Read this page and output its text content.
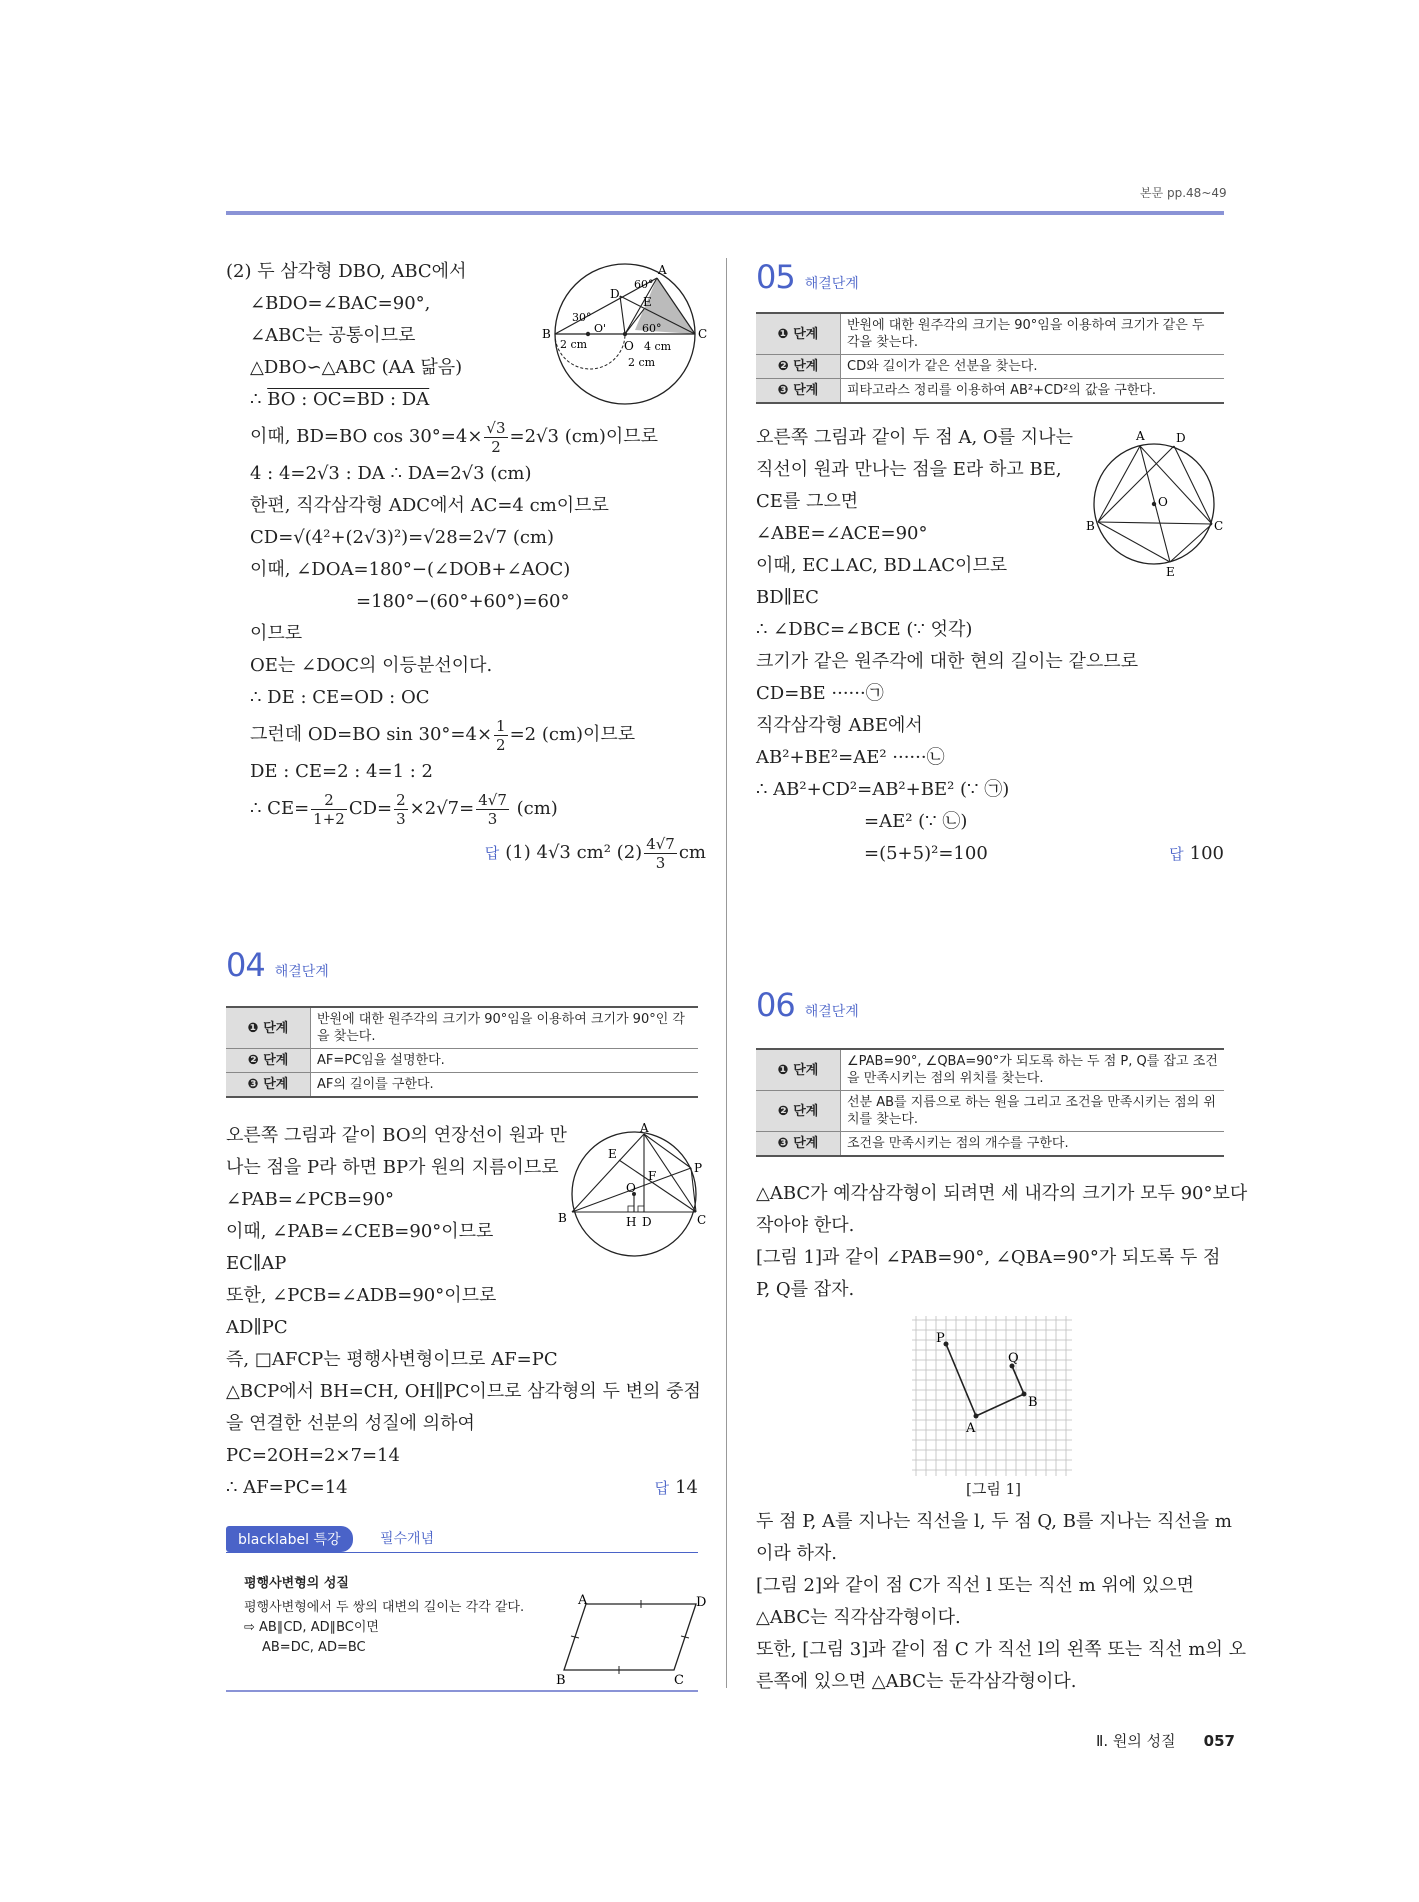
본문 pp.48~49
(2) 두 삼각형 DBO, ABC에서
∠BDO=∠BAC=90°,
∠ABC는 공통이므로
△DBO∽△ABC (AA 닮음)
∴ BO : OC=BD : DA
이때, BD=BO $\cos 30^\circ=4\times \frac{√3}{2} =2√3$ (cm)이므로
4 : 4=2√3 : DA ∴ DA=2√3 (cm)
한편, 직각삼각형 ADC에서 AC=4 cm이므로
CD=√(4²+(2√3)²)=√28=2√7 (cm)
이때, ∠DOA=180°−(∠DOB+∠AOC)
=180°−(60°+60°)=60°
이므로
OE는 ∠DOC의 이등분선이다.
∴ DE : CE=OD : OC
그런데 OD=BO $\sin 30^\circ=4\times \frac{1}{2} =2$ (cm)이므로
DE : CE=2 : 4=1 : 2
∴ $CE= \frac{2}{1+2} CD= \frac{2}{3} \times 2√7= \frac{4√7}{3} (cm)$
답 (1) 4√3 cm² $(2) \frac{4√7}{3}$ cm
A
B	C
D
E
O
O'
60°
30°
60°
2 cm	4 cm
2 cm
04 해결단계
❶ 단계	반원에 대한 원주각의 크기가 90°임을 이용하여 크기가 90°인 각을 찾는다.
❷ 단계	AF=PC임을 설명한다.
❸ 단계	AF의 길이를 구한다.
오른쪽 그림과 같이 BO의 연장선이 원과 만
나는 점을 P라 하면 BP가 원의 지름이므로
∠PAB=∠PCB=90°
이때, ∠PAB=∠CEB=90°이므로
EC∥AP
또한, ∠PCB=∠ADB=90°이므로
AD∥PC
즉, □AFCP는 평행사변형이므로 AF=PC
△BCP에서 BH=CH, OH∥PC이므로 삼각형의 두 변의 중점
을 연결한 선분의 성질에 의하여
PC=2OH=2×7=14
∴ AF=PC=14	답 14
A
B	C
D
E
F
H
O
P
blacklabel 특강	필수개념
평행사변형의 성질
평행사변형에서 두 쌍의 대변의 길이는 각각 같다.
⇨ AB∥CD, AD∥BC이면
AB=DC, AD=BC
A
B	C
D
05 해결단계
❶ 단계	반원에 대한 원주각의 크기는 90°임을 이용하여 크기가 같은 두 각을 찾는다.
❷ 단계	CD와 길이가 같은 선분을 찾는다.
❸ 단계	피타고라스 정리를 이용하여 AB²+CD²의 값을 구한다.
오른쪽 그림과 같이 두 점 A, O를 지나는
직선이 원과 만나는 점을 E라 하고 BE,
CE를 그으면
∠ABE=∠ACE=90°
이때, EC⊥AC, BD⊥AC이므로
BD∥EC
∴ ∠DBC=∠BCE (∵ 엇각)
크기가 같은 원주각에 대한 현의 길이는 같으므로
CD=BE ······㉠
직각삼각형 ABE에서
AB²+BE²=AE² ······㉡
∴ AB²+CD²=AB²+BE² (∵ ㉠)
=AE² (∵ ㉡)
=(5+5)²=100	답 100
A
B	C
D
E
O
06 해결단계
❶ 단계	∠PAB=90°, ∠QBA=90°가 되도록 하는 두 점 P, Q를 잡고 조건을 만족시키는 점의 위치를 찾는다.
❷ 단계	선분 AB를 지름으로 하는 원을 그리고 조건을 만족시키는 점의 위치를 찾는다.
❸ 단계	조건을 만족시키는 점의 개수를 구한다.
△ABC가 예각삼각형이 되려면 세 내각의 크기가 모두 90°보다
작아야 한다.
[그림 1]과 같이 ∠PAB=90°, ∠QBA=90°가 되도록 두 점
P, Q를 잡자.
P
Q
A
B
[그림 1]
두 점 P, A를 지나는 직선을 l, 두 점 Q, B를 지나는 직선을 m
이라 하자.
[그림 2]와 같이 점 C가 직선 l 또는 직선 m 위에 있으면
△ABC는 직각삼각형이다.
또한, [그림 3]과 같이 점 C 가 직선 l의 왼쪽 또는 직선 m의 오
른쪽에 있으면 △ABC는 둔각삼각형이다.
Ⅱ. 원의 성질 057
